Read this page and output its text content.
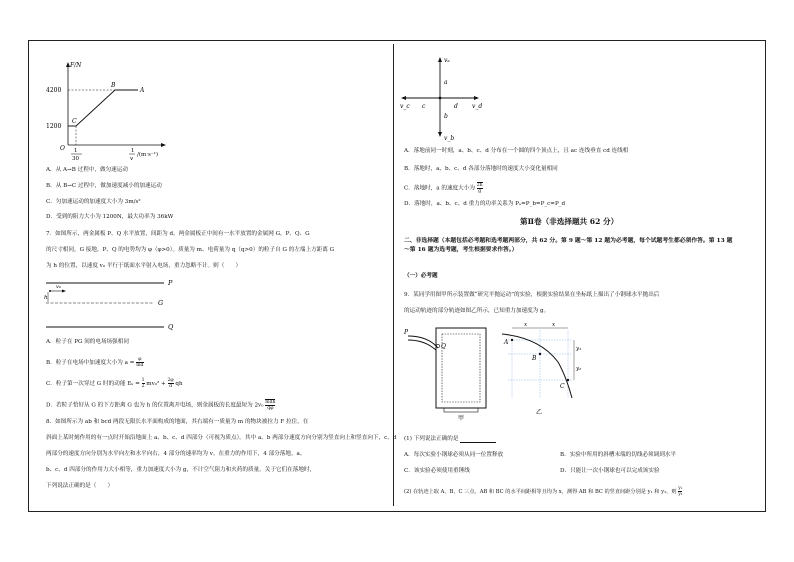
F/N
4200
1200
B
A
C
O 1
30
1
v
/(m·s⁻¹)
A．从 A→B 过程中，做匀速运动
B．从 B→C 过程中，做加速度减小的加速运动
C．匀加速运动的加速度大小为 3m/s²
D．受到的阻力大小为 1200N，最大功率为 36kW
7．如图所示，两金属板 P、Q 水平放置，间距为 d。两金属板正中间有一水平放置的金属网 G，P、Q、G
的尺寸相同，G 接地，P、Q 的电势均为 φ（φ>0）。质量为 m、电荷量为 q（q>0）的粒子自 G 的左端上方距离 G
为 h 的位置，以速度 v₀ 平行于纸面水平射入电场，重力忽略不计。则（　　）
P
G
Q
h
v₀
A．粒子在 PG 间的电场场强相同
B．粒子在电场中加速度大小为 $a = \frac{\varphi}{md}$
C．粒子第一次穿过 G 时的动能 $E_k = \frac{1}{2} mv_0^2 + \frac{2\varphi}{d}$ qh
D．若粒子恰好从 G 的下方距离 G 也为 h 的位置离开电场，则金属板的长度最短为 2v₀ mdh
qφ
8．如图所示为 ab 和 bcd 两段无限长水平面构成的地面，其右端有一质量为 m 的物块被拉力 F 拉住，在
斜面上某时刻作用的有一点时开始沿地面上 a、b、c、d 四部分（可视为质点）。其中 a、b 两部分速度方向分别为竖直向上和竖直向下，c、d
两部分的速度方向分别为水平向左和水平向右，4 部分的速率均为 v。在重力的作用下，4 部分落地。a、
b、c、d 四部分的作用力大小相等，重力加速度大小为 g，不计空气阻力和火药的质量。关于它们在落地时，
下列说法正确的是（　　）
vₐ
a
v_c c	d v_d
b
v_b
A．落地前同一时刻，a、b、c、d 分布在一个圆的四个顶点上，且 ac 连线垂直 cd 连线相
B．落地时，a、b、c、d 各部分落地时的速度大小变化量相同
C．落地时，a 的速度大小为 $\frac{2h}{g}$
D．落地时，a、b、c、d 重力的功率关系为 Pₐ=P_b=P_c=P_d
第Ⅱ卷（非选择题共 62 分）
二、非选择题（本题包括必考题和选考题两部分，共 62 分。第 9 题～第 12 题为必考题，每个试题考生都必须作答。第 13 题～第 16 题为选考题，考生根据要求作答。）
（一）必考题
9．某同学用图甲所示装置做“研究平抛运动”的实验，根据实验结果在坐标纸上描出了小钢球水平抛出后
的运动轨迹的部分轨迹如图乙所示，已知重力加速度为 g。
P
Q
甲
x	x
A
B
C
y₁
y₂
乙
(1) 下列说法正确的是
A．每次实验小钢球必须从同一位置释放	B．实验中所用的斜槽末端的切线必须调到水平
C．该实验必须使用重锤线	D．只能让一次小钢球也可以完成该实验
(2) 在轨迹上取 A、B、C 三点，AB 和 BC 的水平间距相等且均为 x，测得 AB 和 BC 的竖直间距分别是 y₁ 和 y₂，则 $\frac{\text{y₁}}{\text{y₂}}$
